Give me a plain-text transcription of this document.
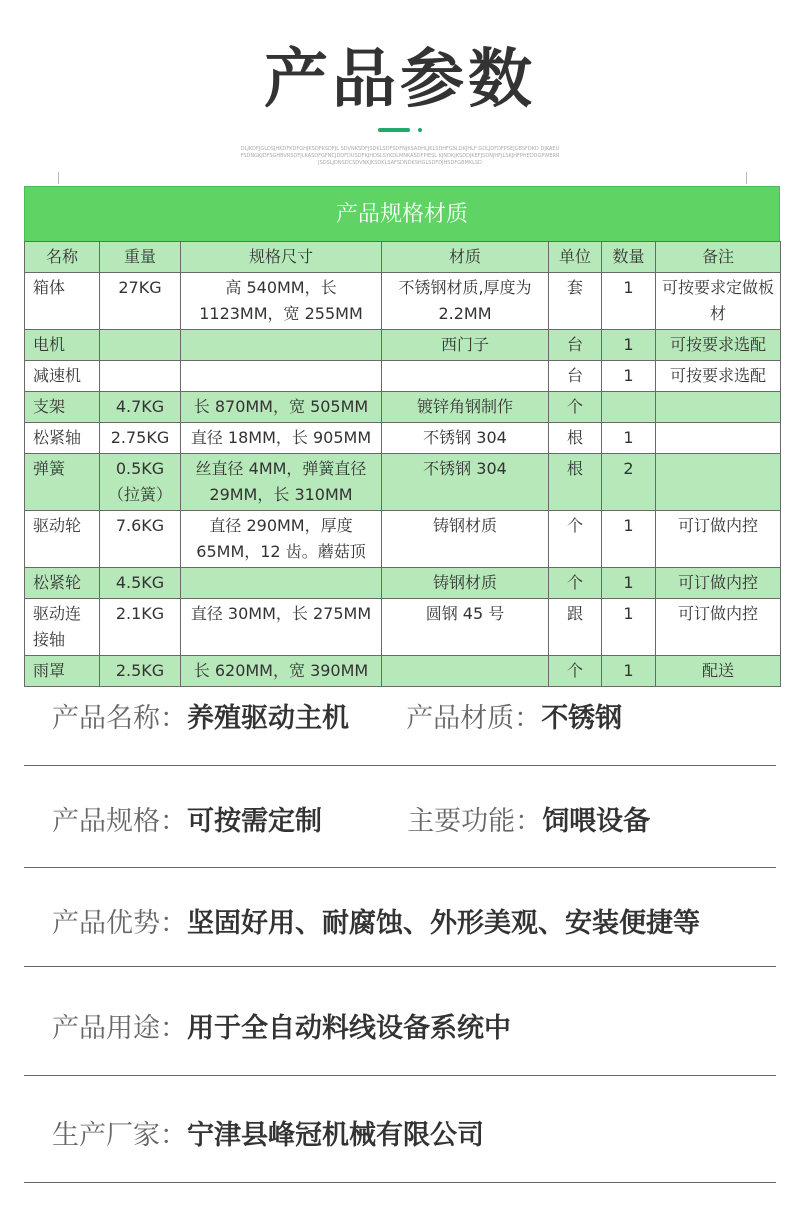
产品参数
DLJKDFJGLDSJHKDFKDFGHJKSDFKSDFJL SDVNKSDFJSDKLSDFSDFNJKSADHLJKLSDHFGSLDKJHLF GDLJDFDFPSEJGBSFDKD DJKAEUFSDNGKJDFSGHBVRSDFJLKASDFGFNCJDDFDUSDFKJHDSLSYKDLMNKASDFPIESL KJNDKJKSDDJKEFJSDNJHFJLSKJHFPHEDDGPWERRJSDSLJDNSDCSDVNKJKSDKLSAFSDNDKSHGLSDFDJHSDFGBMKLSD
产品规格材质
名称	重量	规格尺寸	材质	单位	数量	备注
箱体	27KG	高 540MM，长 1123MM，宽 255MM	不锈钢材质,厚度为2.2MM	套	1	可按要求定做板材
电机			西门子	台	1	可按要求选配
减速机				台	1	可按要求选配
支架	4.7KG	长 870MM，宽 505MM	镀锌角钢制作	个		
松紧轴	2.75KG	直径 18MM，长 905MM	不锈钢 304	根	1	
弹簧	0.5KG（拉簧）	丝直径 4MM，弹簧直径 29MM，长 310MM	不锈钢 304	根	2	
驱动轮	7.6KG	直径 290MM，厚度 65MM，12 齿。蘑菇顶	铸钢材质	个	1	可订做内控
松紧轮	4.5KG		铸钢材质	个	1	可订做内控
驱动连接轴	2.1KG	直径 30MM，长 275MM	圆钢 45 号	跟	1	可订做内控
雨罩	2.5KG	长 620MM，宽 390MM		个	1	配送
产品名称：养殖驱动主机 产品材质：不锈钢
产品规格：可按需定制	主要功能：饲喂设备
产品优势：坚固好用、耐腐蚀、外形美观、安装便捷等
产品用途：用于全自动料线设备系统中
生产厂家：宁津县峰冠机械有限公司
